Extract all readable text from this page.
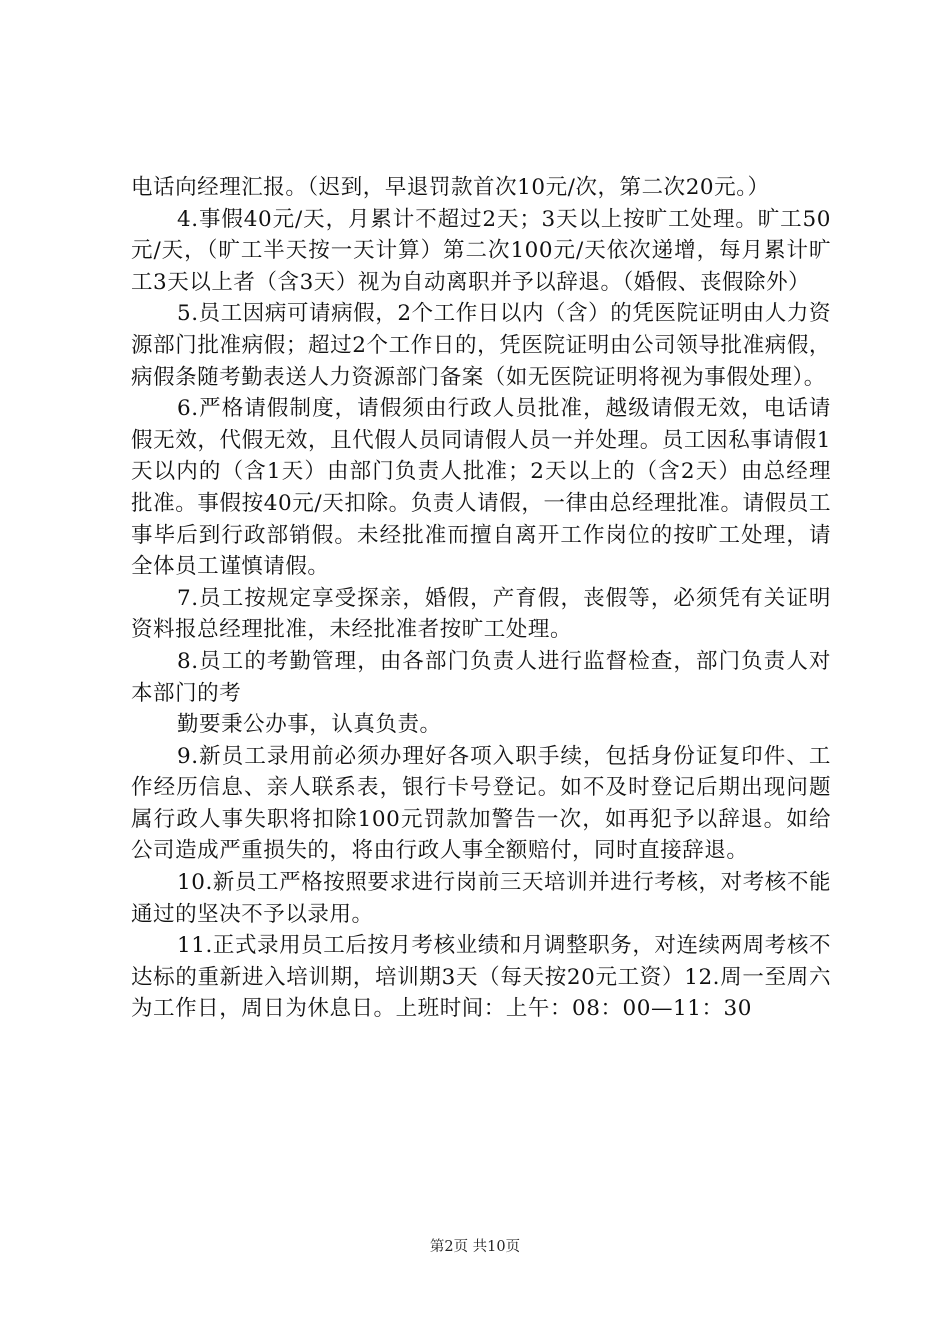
电话向经理汇报。（迟到，早退罚款首次10元/次，第二次20元。）

4.事假40元/天，月累计不超过2天；3天以上按旷工处理。旷工50元/天，（旷工半天按一天计算）第二次100元/天依次递增，每月累计旷工3天以上者（含3天）视为自动离职并予以辞退。（婚假、丧假除外）

5.员工因病可请病假，2个工作日以内（含）的凭医院证明由人力资源部门批准病假；超过2个工作日的，凭医院证明由公司领导批准病假，病假条随考勤表送人力资源部门备案（如无医院证明将视为事假处理）。

6.严格请假制度，请假须由行政人员批准，越级请假无效，电话请假无效，代假无效，且代假人员同请假人员一并处理。员工因私事请假1天以内的（含1天）由部门负责人批准；2天以上的（含2天）由总经理批准。事假按40元/天扣除。负责人请假，一律由总经理批准。请假员工事毕后到行政部销假。未经批准而擅自离开工作岗位的按旷工处理，请全体员工谨慎请假。

7.员工按规定享受探亲，婚假，产育假，丧假等，必须凭有关证明资料报总经理批准，未经批准者按旷工处理。

8.员工的考勤管理，由各部门负责人进行监督检查，部门负责人对本部门的考

勤要秉公办事，认真负责。

9.新员工录用前必须办理好各项入职手续，包括身份证复印件、工作经历信息、亲人联系表，银行卡号登记。如不及时登记后期出现问题属行政人事失职将扣除100元罚款加警告一次，如再犯予以辞退。如给公司造成严重损失的，将由行政人事全额赔付，同时直接辞退。

10.新员工严格按照要求进行岗前三天培训并进行考核，对考核不能通过的坚决不予以录用。

11.正式录用员工后按月考核业绩和月调整职务，对连续两周考核不达标的重新进入培训期，培训期3天（每天按20元工资）12.周一至周六为工作日，周日为休息日。上班时间：上午：08：00—11：30

第2页 共10页
